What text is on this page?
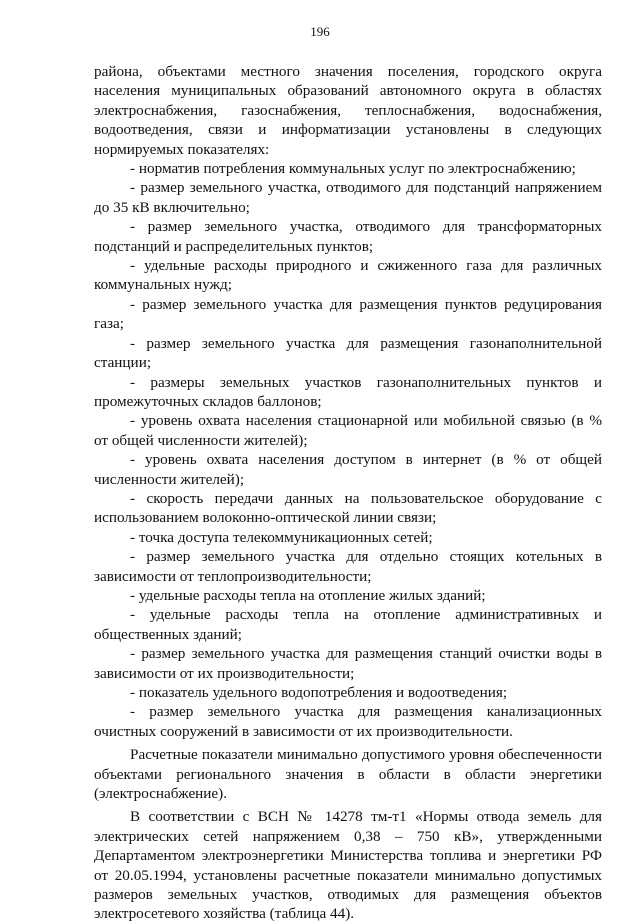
196

района, объектами местного значения поселения, городского округа населения муниципальных образований автономного округа в областях электроснабжения, газоснабжения, теплоснабжения, водоснабжения, водоотведения, связи и информатизации установлены в следующих нормируемых показателях:

- норматив потребления коммунальных услуг по электроснабжению;

- размер земельного участка, отводимого для подстанций напряжением до 35 кВ включительно;

- размер земельного участка, отводимого для трансформаторных подстанций и распределительных пунктов;

- удельные расходы природного и сжиженного газа для различных коммунальных нужд;

- размер земельного участка для размещения пунктов редуцирования газа;

- размер земельного участка для размещения газонаполнительной станции;

- размеры земельных участков газонаполнительных пунктов и промежуточных складов баллонов;

- уровень охвата населения стационарной или мобильной связью (в % от общей численности жителей);

- уровень охвата населения доступом в интернет (в % от общей численности жителей);

- скорость передачи данных на пользовательское оборудование с использованием волоконно-оптической линии связи;

- точка доступа телекоммуникационных сетей;

- размер земельного участка для отдельно стоящих котельных в зависимости от теплопроизводительности;

- удельные расходы тепла на отопление жилых зданий;

- удельные расходы тепла на отопление административных и общественных зданий;

- размер земельного участка для размещения станций очистки воды в зависимости от их производительности;

- показатель удельного водопотребления и водоотведения;

- размер земельного участка для размещения канализационных очистных сооружений в зависимости от их производительности.

Расчетные показатели минимально допустимого уровня обеспеченности объектами регионального значения в области в области энергетики (электроснабжение).

В соответствии с ВСН № 14278 тм-т1 «Нормы отвода земель для электрических сетей напряжением 0,38 – 750 кВ», утвержденными Департаментом электроэнергетики Министерства топлива и энергетики РФ от 20.05.1994, установлены расчетные показатели минимально допустимых размеров земельных участков, отводимых для размещения объектов электросетевого хозяйства (таблица 44).
